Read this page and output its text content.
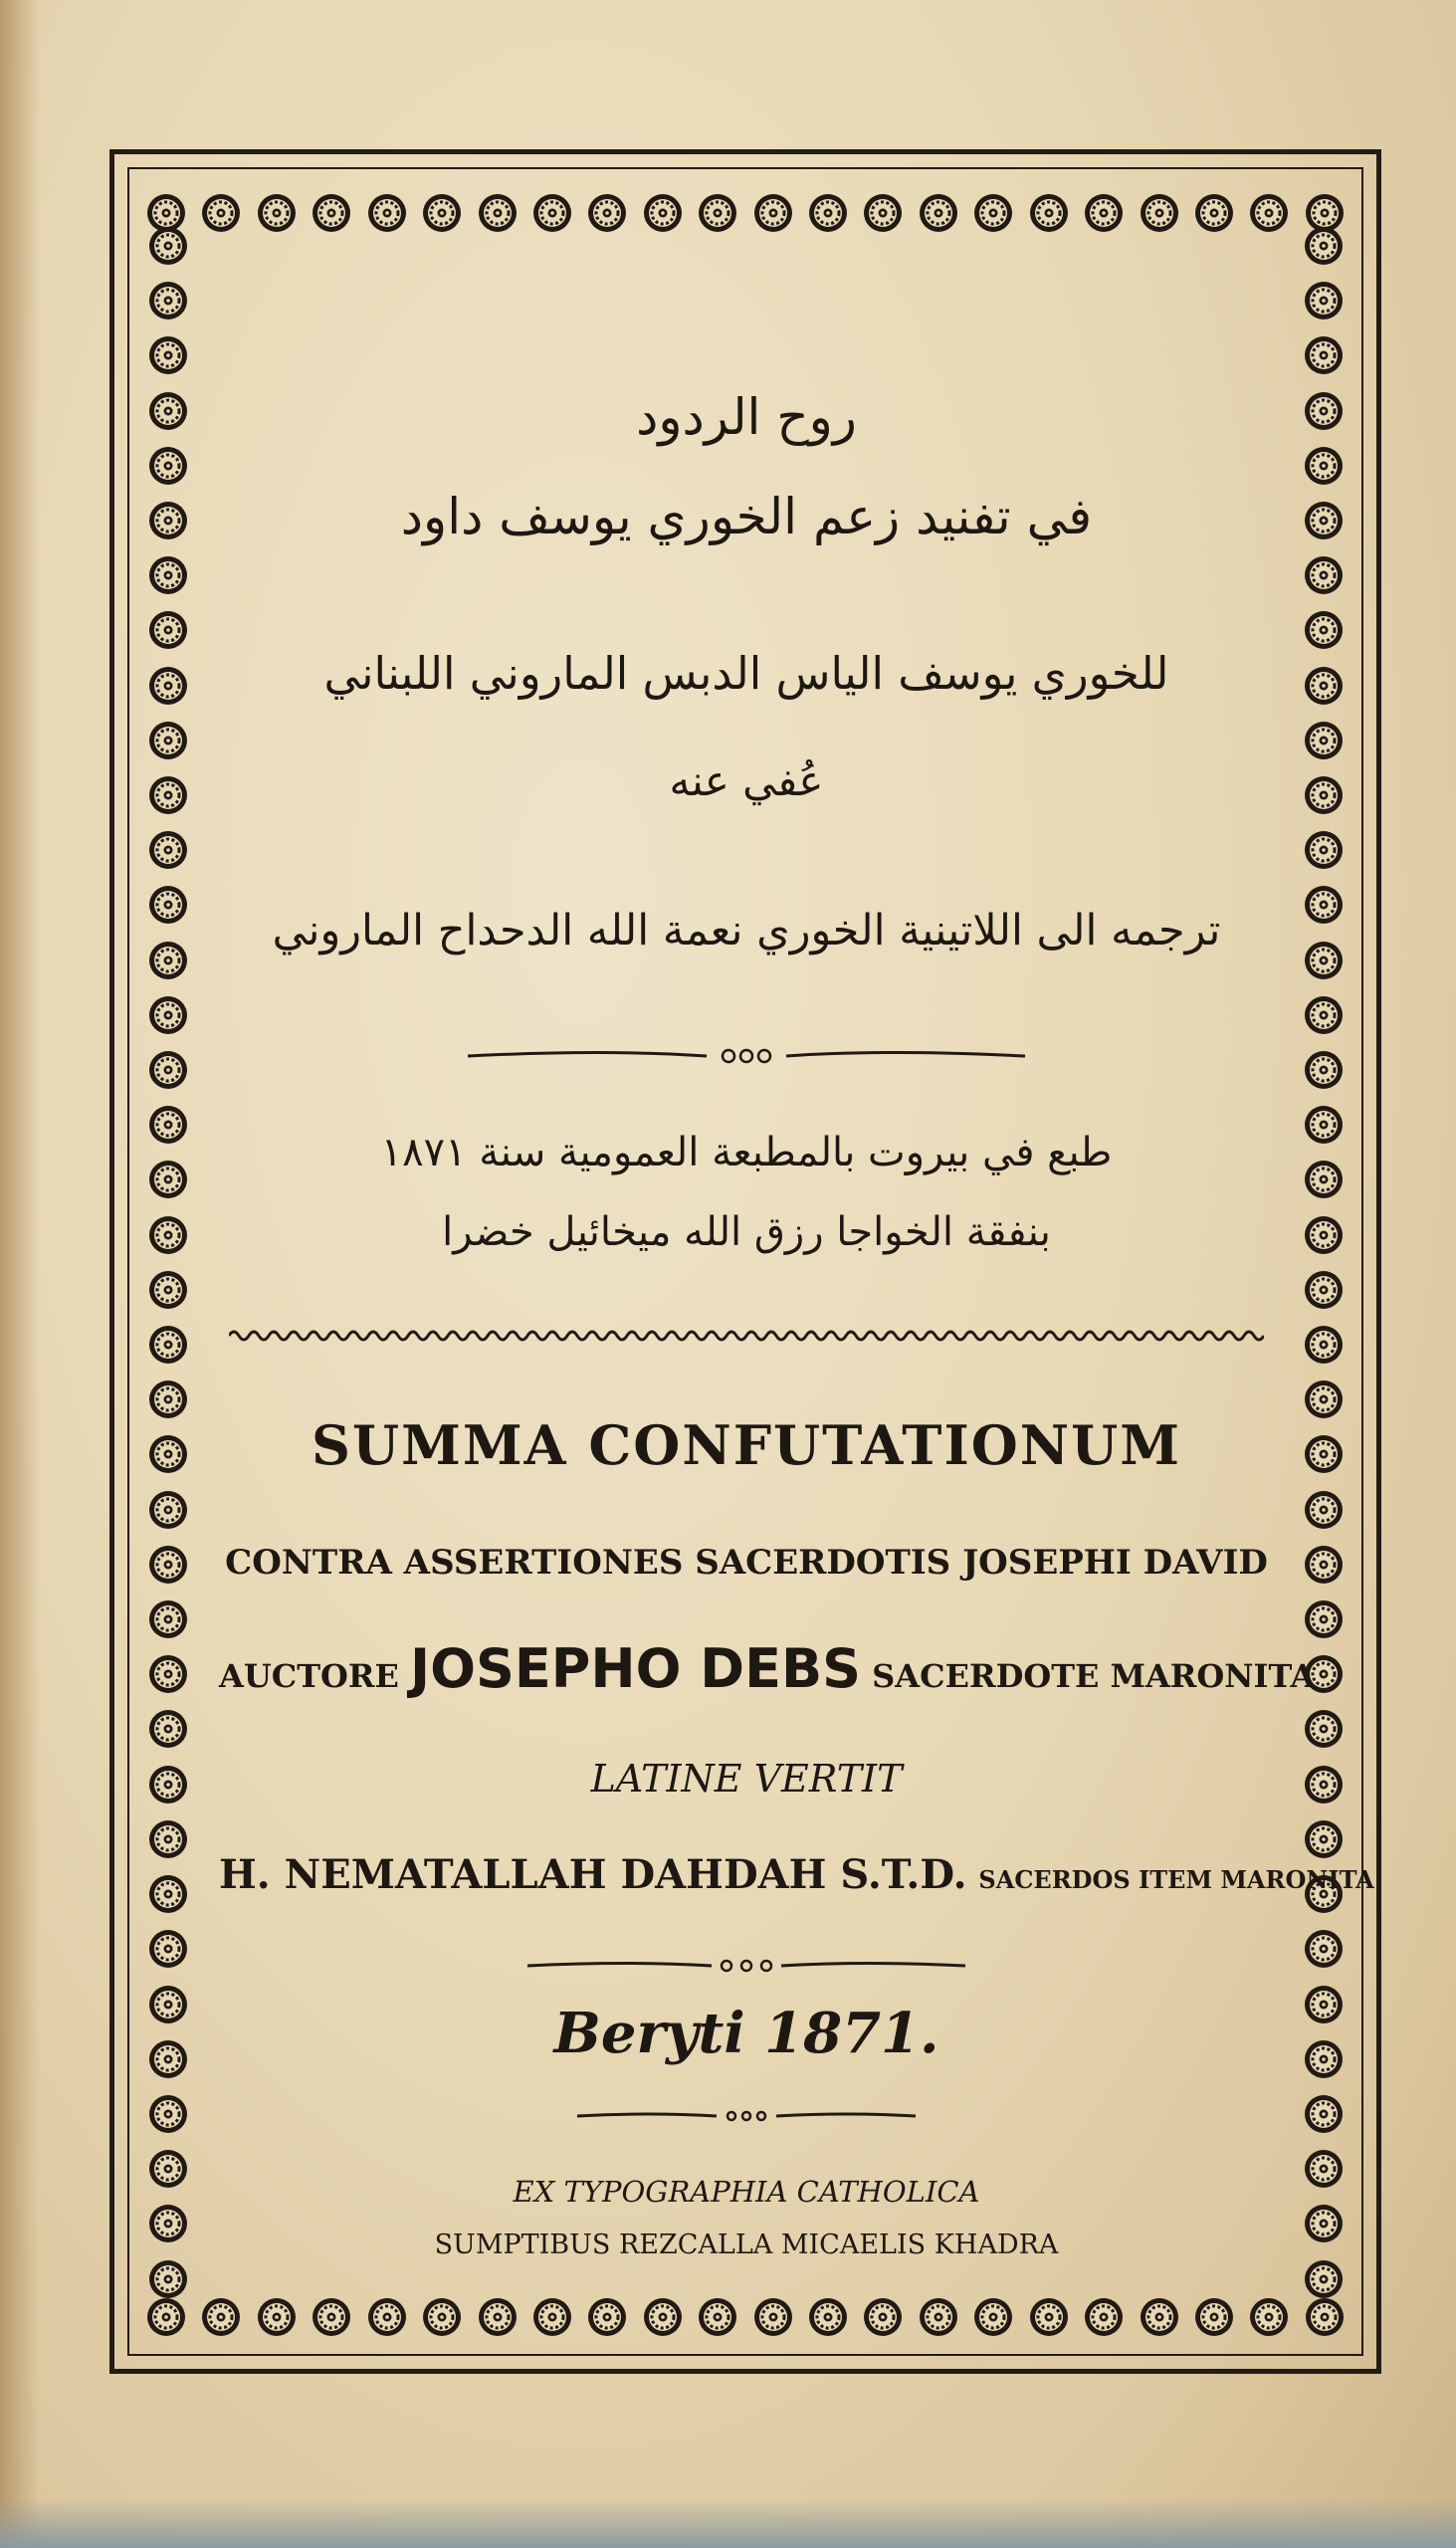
روح الردود
في تفنيد زعم الخوري يوسف داود
للخوري يوسف الياس الدبس الماروني اللبناني
عُفي عنه
ترجمه الى اللاتينية الخوري نعمة الله الدحداح الماروني
طبع في بيروت بالمطبعة العمومية سنة ١٨٧١
بنفقة الخواجا رزق الله ميخائيل خضرا
SUMMA CONFUTATIONUM
CONTRA ASSERTIONES SACERDOTIS JOSEPHI DAVID
AUCTORE JOSEPHO DEBS SACERDOTE MARONITA
LATINE VERTIT
H. NEMATALLAH DAHDAH S.T.D. SACERDOS ITEM MARONITA
Beryti 1871.
EX TYPOGRAPHIA CATHOLICA
SUMPTIBUS REZCALLA MICAELIS KHADRA
